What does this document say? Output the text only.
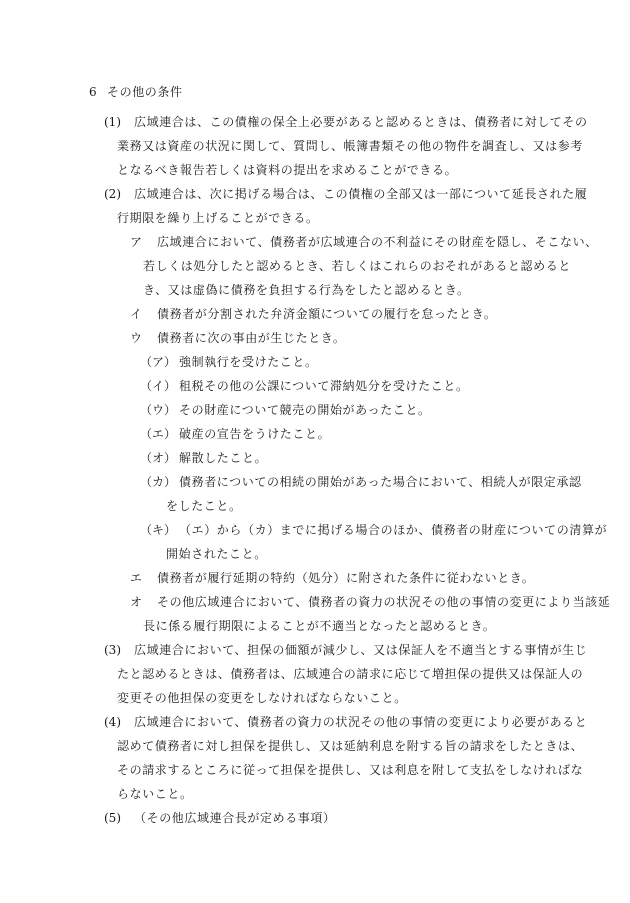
6 その他の条件
(1) 広域連合は、この債権の保全上必要があると認めるときは、債務者に対してその
業務又は資産の状況に関して、質問し、帳簿書類その他の物件を調査し、又は参考
となるべき報告若しくは資料の提出を求めることができる。
(2) 広域連合は、次に掲げる場合は、この債権の全部又は一部について延長された履
行期限を繰り上げることができる。
ア 広域連合において、債務者が広域連合の不利益にその財産を隠し、そこない、
若しくは処分したと認めるとき、若しくはこれらのおそれがあると認めると
き、又は虚偽に債務を負担する行為をしたと認めるとき。
イ 債務者が分割された弁済金額についての履行を怠ったとき。
ウ 債務者に次の事由が生じたとき。
（ア） 強制執行を受けたこと。
（イ） 租税その他の公課について滞納処分を受けたこと。
（ウ） その財産について競売の開始があったこと。
（エ） 破産の宣告をうけたこと。
（オ） 解散したこと。
（カ） 債務者についての相続の開始があった場合において、相続人が限定承認
をしたこと。
（キ） （エ）から（カ）までに掲げる場合のほか、債務者の財産についての清算が
開始されたこと。
エ 債務者が履行延期の特約（処分）に附された条件に従わないとき。
オ その他広域連合において、債務者の資力の状況その他の事情の変更により当該延
長に係る履行期限によることが不適当となったと認めるとき。
(3) 広域連合において、担保の価額が減少し、又は保証人を不適当とする事情が生じ
たと認めるときは、債務者は、広域連合の請求に応じて増担保の提供又は保証人の
変更その他担保の変更をしなければならないこと。
(4) 広域連合において、債務者の資力の状況その他の事情の変更により必要があると
認めて債務者に対し担保を提供し、又は延納利息を附する旨の請求をしたときは、
その請求するところに従って担保を提供し、又は利息を附して支払をしなければな
らないこと。
(5) （その他広域連合長が定める事項）
